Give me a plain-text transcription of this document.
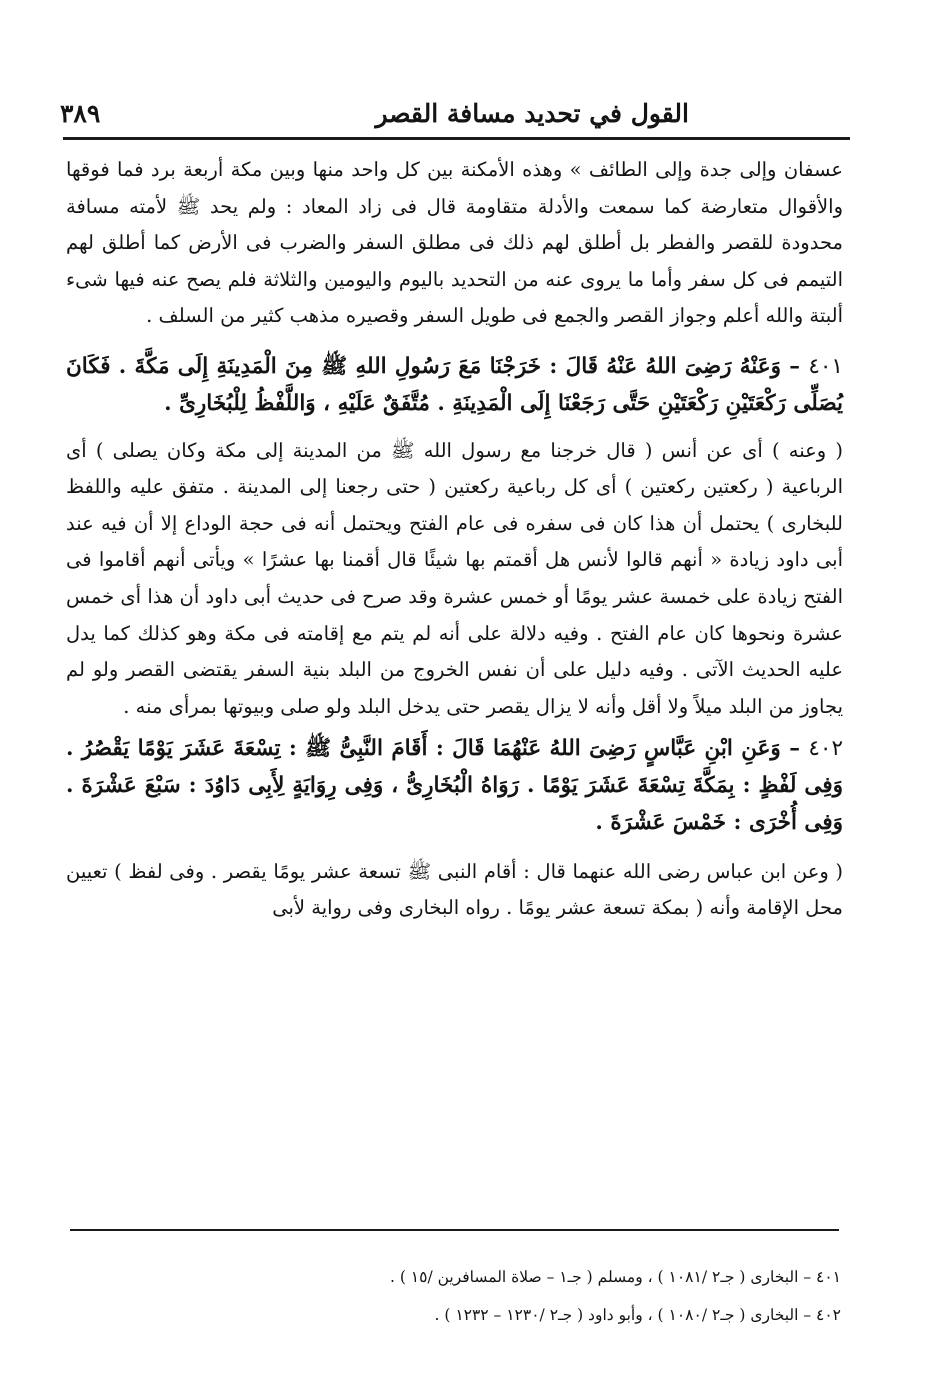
القول في تحديد مسافة القصر
٣٨٩

عسفان وإلى جدة وإلى الطائف » وهذه الأمكنة بين كل واحد منها وبين مكة أربعة برد فما فوقها والأقوال متعارضة كما سمعت والأدلة متقاومة قال فى زاد المعاد : ولم يحد ﷺ لأمته مسافة محدودة للقصر والفطر بل أطلق لهم ذلك فى مطلق السفر والضرب فى الأرض كما أطلق لهم التيمم فى كل سفر وأما ما يروى عنه من التحديد باليوم واليومين والثلاثة فلم يصح عنه فيها شىء ألبتة والله أعلم وجواز القصر والجمع فى طويل السفر وقصيره مذهب كثير من السلف .

٤٠١ – وَعَنْهُ رَضِىَ اللهُ عَنْهُ قَالَ : خَرَجْنَا مَعَ رَسُولِ اللهِ ﷺ مِنَ الْمَدِينَةِ إِلَى مَكَّةَ . فَكَانَ يُصَلِّى رَكْعَتَيْنِ رَكْعَتَيْنِ حَتَّى رَجَعْنَا إِلَى الْمَدِينَةِ . مُتَّفَقٌ عَلَيْهِ ، وَاللَّفْظُ لِلْبُخَارِىِّ .

( وعنه ) أى عن أنس ( قال خرجنا مع رسول الله ﷺ من المدينة إلى مكة وكان يصلى ) أى الرباعية ( ركعتين ركعتين ) أى كل رباعية ركعتين ( حتى رجعنا إلى المدينة . متفق عليه واللفظ للبخارى ) يحتمل أن هذا كان فى سفره فى عام الفتح ويحتمل أنه فى حجة الوداع إلا أن فيه عند أبى داود زيادة « أنهم قالوا لأنس هل أقمتم بها شيئًا قال أقمنا بها عشرًا » ويأتى أنهم أقاموا فى الفتح زيادة على خمسة عشر يومًا أو خمس عشرة وقد صرح فى حديث أبى داود أن هذا أى خمس عشرة ونحوها كان عام الفتح . وفيه دلالة على أنه لم يتم مع إقامته فى مكة وهو كذلك كما يدل عليه الحديث الآتى . وفيه دليل على أن نفس الخروج من البلد بنية السفر يقتضى القصر ولو لم يجاوز من البلد ميلاً ولا أقل وأنه لا يزال يقصر حتى يدخل البلد ولو صلى وبيوتها بمرأى منه .

٤٠٢ – وَعَنِ ابْنِ عَبَّاسٍ رَضِىَ اللهُ عَنْهُمَا قَالَ : أَقَامَ النَّبِىُّ ﷺ : تِسْعَةَ عَشَرَ يَوْمًا يَقْصُرُ . وَفِى لَفْظٍ : بِمَكَّةَ تِسْعَةَ عَشَرَ يَوْمًا . رَوَاهُ الْبُخَارِىُّ ، وَفِى رِوَايَةٍ لِأَبِى دَاوُدَ : سَبْعَ عَشْرَةَ . وَفِى أُخْرَى : خَمْسَ عَشْرَةَ .

( وعن ابن عباس رضى الله عنهما قال : أقام النبى ﷺ تسعة عشر يومًا يقصر . وفى لفظ ) تعيين محل الإقامة وأنه ( بمكة تسعة عشر يومًا . رواه البخارى وفى رواية لأبى

٤٠١ – البخارى ( جـ٢ /١٠٨١ ) ، ومسلم ( جـ١ – صلاة المسافرين /١٥ ) .

٤٠٢ – البخارى ( جـ٢ /١٠٨٠ ) ، وأبو داود ( جـ٢ /١٢٣٠ – ١٢٣٢ ) .
